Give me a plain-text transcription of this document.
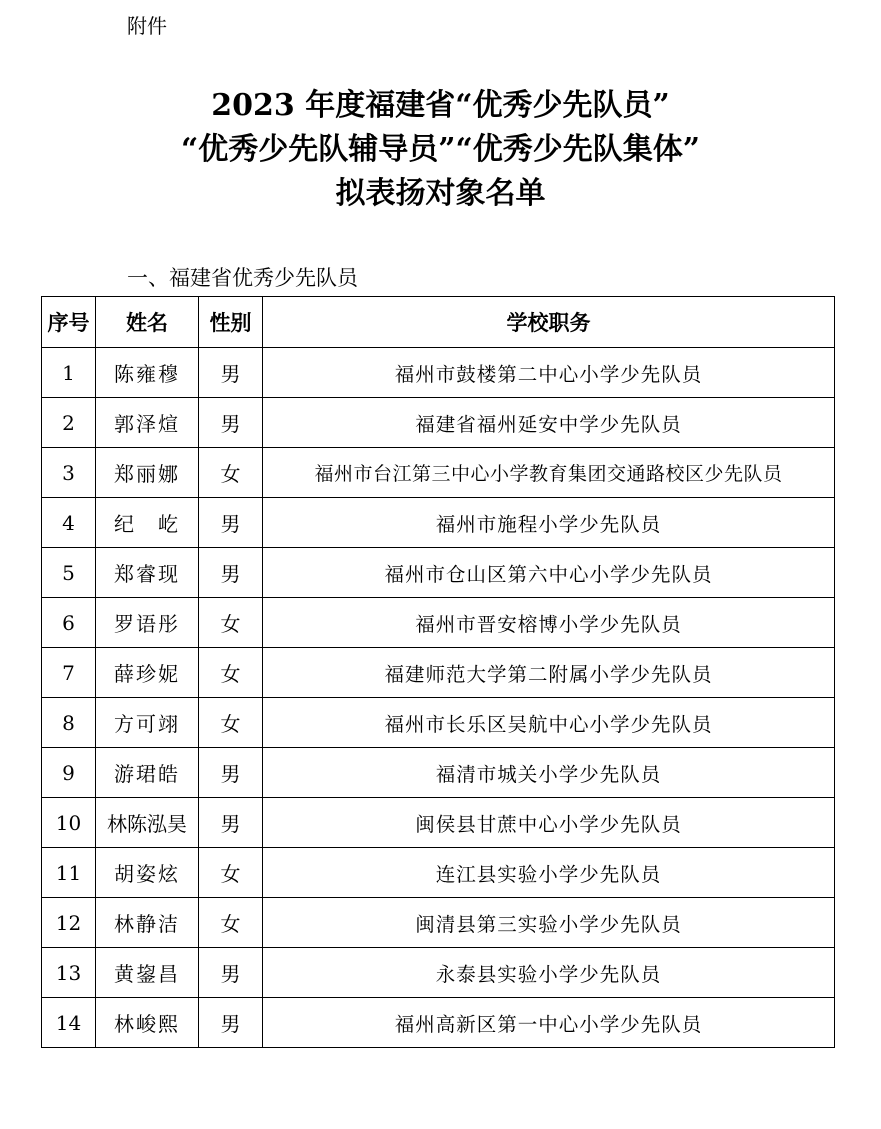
附件
2023 年度福建省“优秀少先队员”
“优秀少先队辅导员”“优秀少先队集体”
拟表扬对象名单
一、福建省优秀少先队员
序号	姓名	性别	学校职务
1	陈雍穆	男	福州市鼓楼第二中心小学少先队员
2	郭泽煊	男	福建省福州延安中学少先队员
3	郑丽娜	女	福州市台江第三中心小学教育集团交通路校区少先队员
4	纪　屹	男	福州市施程小学少先队员
5	郑睿现	男	福州市仓山区第六中心小学少先队员
6	罗语彤	女	福州市晋安榕博小学少先队员
7	薛珍妮	女	福建师范大学第二附属小学少先队员
8	方可翊	女	福州市长乐区吴航中心小学少先队员
9	游珺皓	男	福清市城关小学少先队员
10	林陈泓昊	男	闽侯县甘蔗中心小学少先队员
11	胡姿炫	女	连江县实验小学少先队员
12	林静洁	女	闽清县第三实验小学少先队员
13	黄鋆昌	男	永泰县实验小学少先队员
14	林峻熙	男	福州高新区第一中心小学少先队员
